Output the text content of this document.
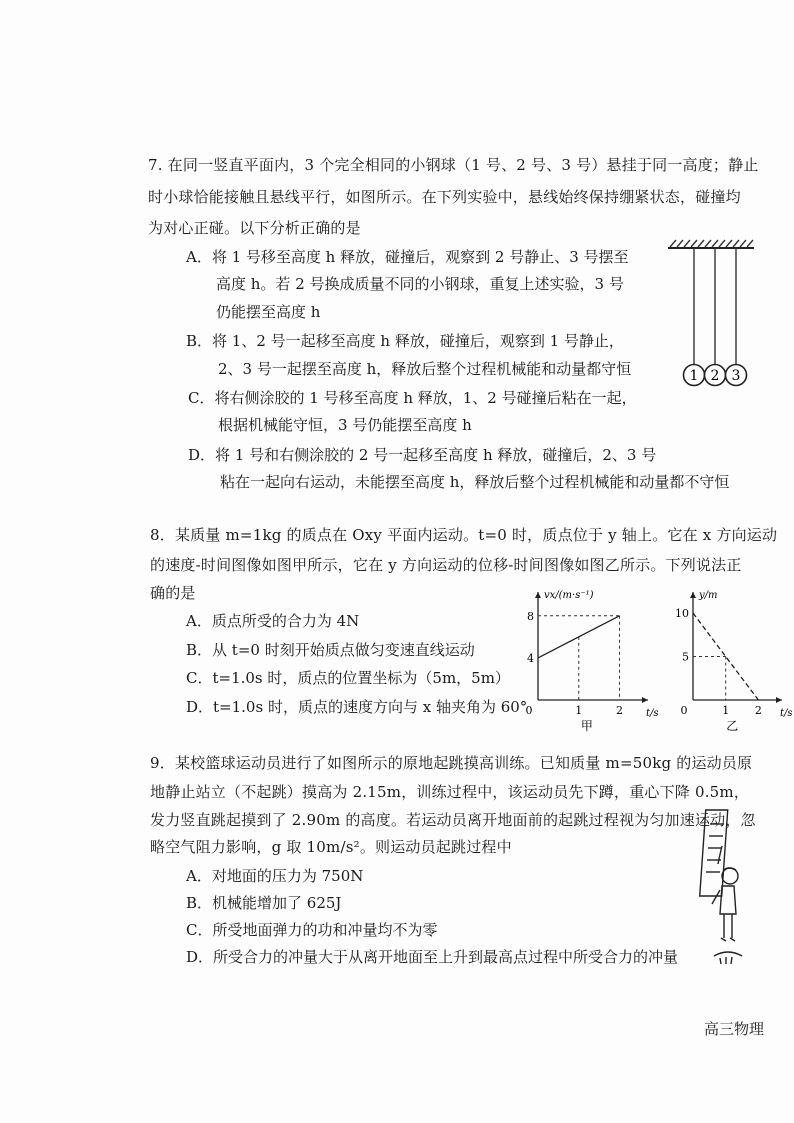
7. 在同一竖直平面内，3 个完全相同的小钢球（1 号、2 号、3 号）悬挂于同一高度；静止
时小球恰能接触且悬线平行，如图所示。在下列实验中，悬线始终保持绷紧状态，碰撞均
为对心正碰。以下分析正确的是
A．将 1 号移至高度 h 释放，碰撞后，观察到 2 号静止、3 号摆至
高度 h。若 2 号换成质量不同的小钢球，重复上述实验，3 号
仍能摆至高度 h
B．将 1、2 号一起移至高度 h 释放，碰撞后，观察到 1 号静止，
2、3 号一起摆至高度 h，释放后整个过程机械能和动量都守恒
C．将右侧涂胶的 1 号移至高度 h 释放，1、2 号碰撞后粘在一起，
根据机械能守恒，3 号仍能摆至高度 h
D．将 1 号和右侧涂胶的 2 号一起移至高度 h 释放，碰撞后，2、3 号
粘在一起向右运动，未能摆至高度 h，释放后整个过程机械能和动量都不守恒
1 2 3
8．某质量 m=1kg 的质点在 Oxy 平面内运动。t=0 时，质点位于 y 轴上。它在 x 方向运动
的速度-时间图像如图甲所示，它在 y 方向运动的位移-时间图像如图乙所示。下列说法正
确的是
A．质点所受的合力为 4N
B．从 t=0 时刻开始质点做匀变速直线运动
C．t=1.0s 时，质点的位置坐标为（5m，5m）
D．t=1.0s 时，质点的速度方向与 x 轴夹角为 60°
vx/(m·s⁻¹)
t/s
0	1	2
4
8
甲
y/m
t/s
0	1 2
5
10
乙
9．某校篮球运动员进行了如图所示的原地起跳摸高训练。已知质量 m=50kg 的运动员原
地静止站立（不起跳）摸高为 2.15m，训练过程中，该运动员先下蹲，重心下降 0.5m，
发力竖直跳起摸到了 2.90m 的高度。若运动员离开地面前的起跳过程视为匀加速运动，忽
略空气阻力影响，g 取 10m/s²。则运动员起跳过程中
A．对地面的压力为 750N
B．机械能增加了 625J
C．所受地面弹力的功和冲量均不为零
D．所受合力的冲量大于从离开地面至上升到最高点过程中所受合力的冲量
高三物理
